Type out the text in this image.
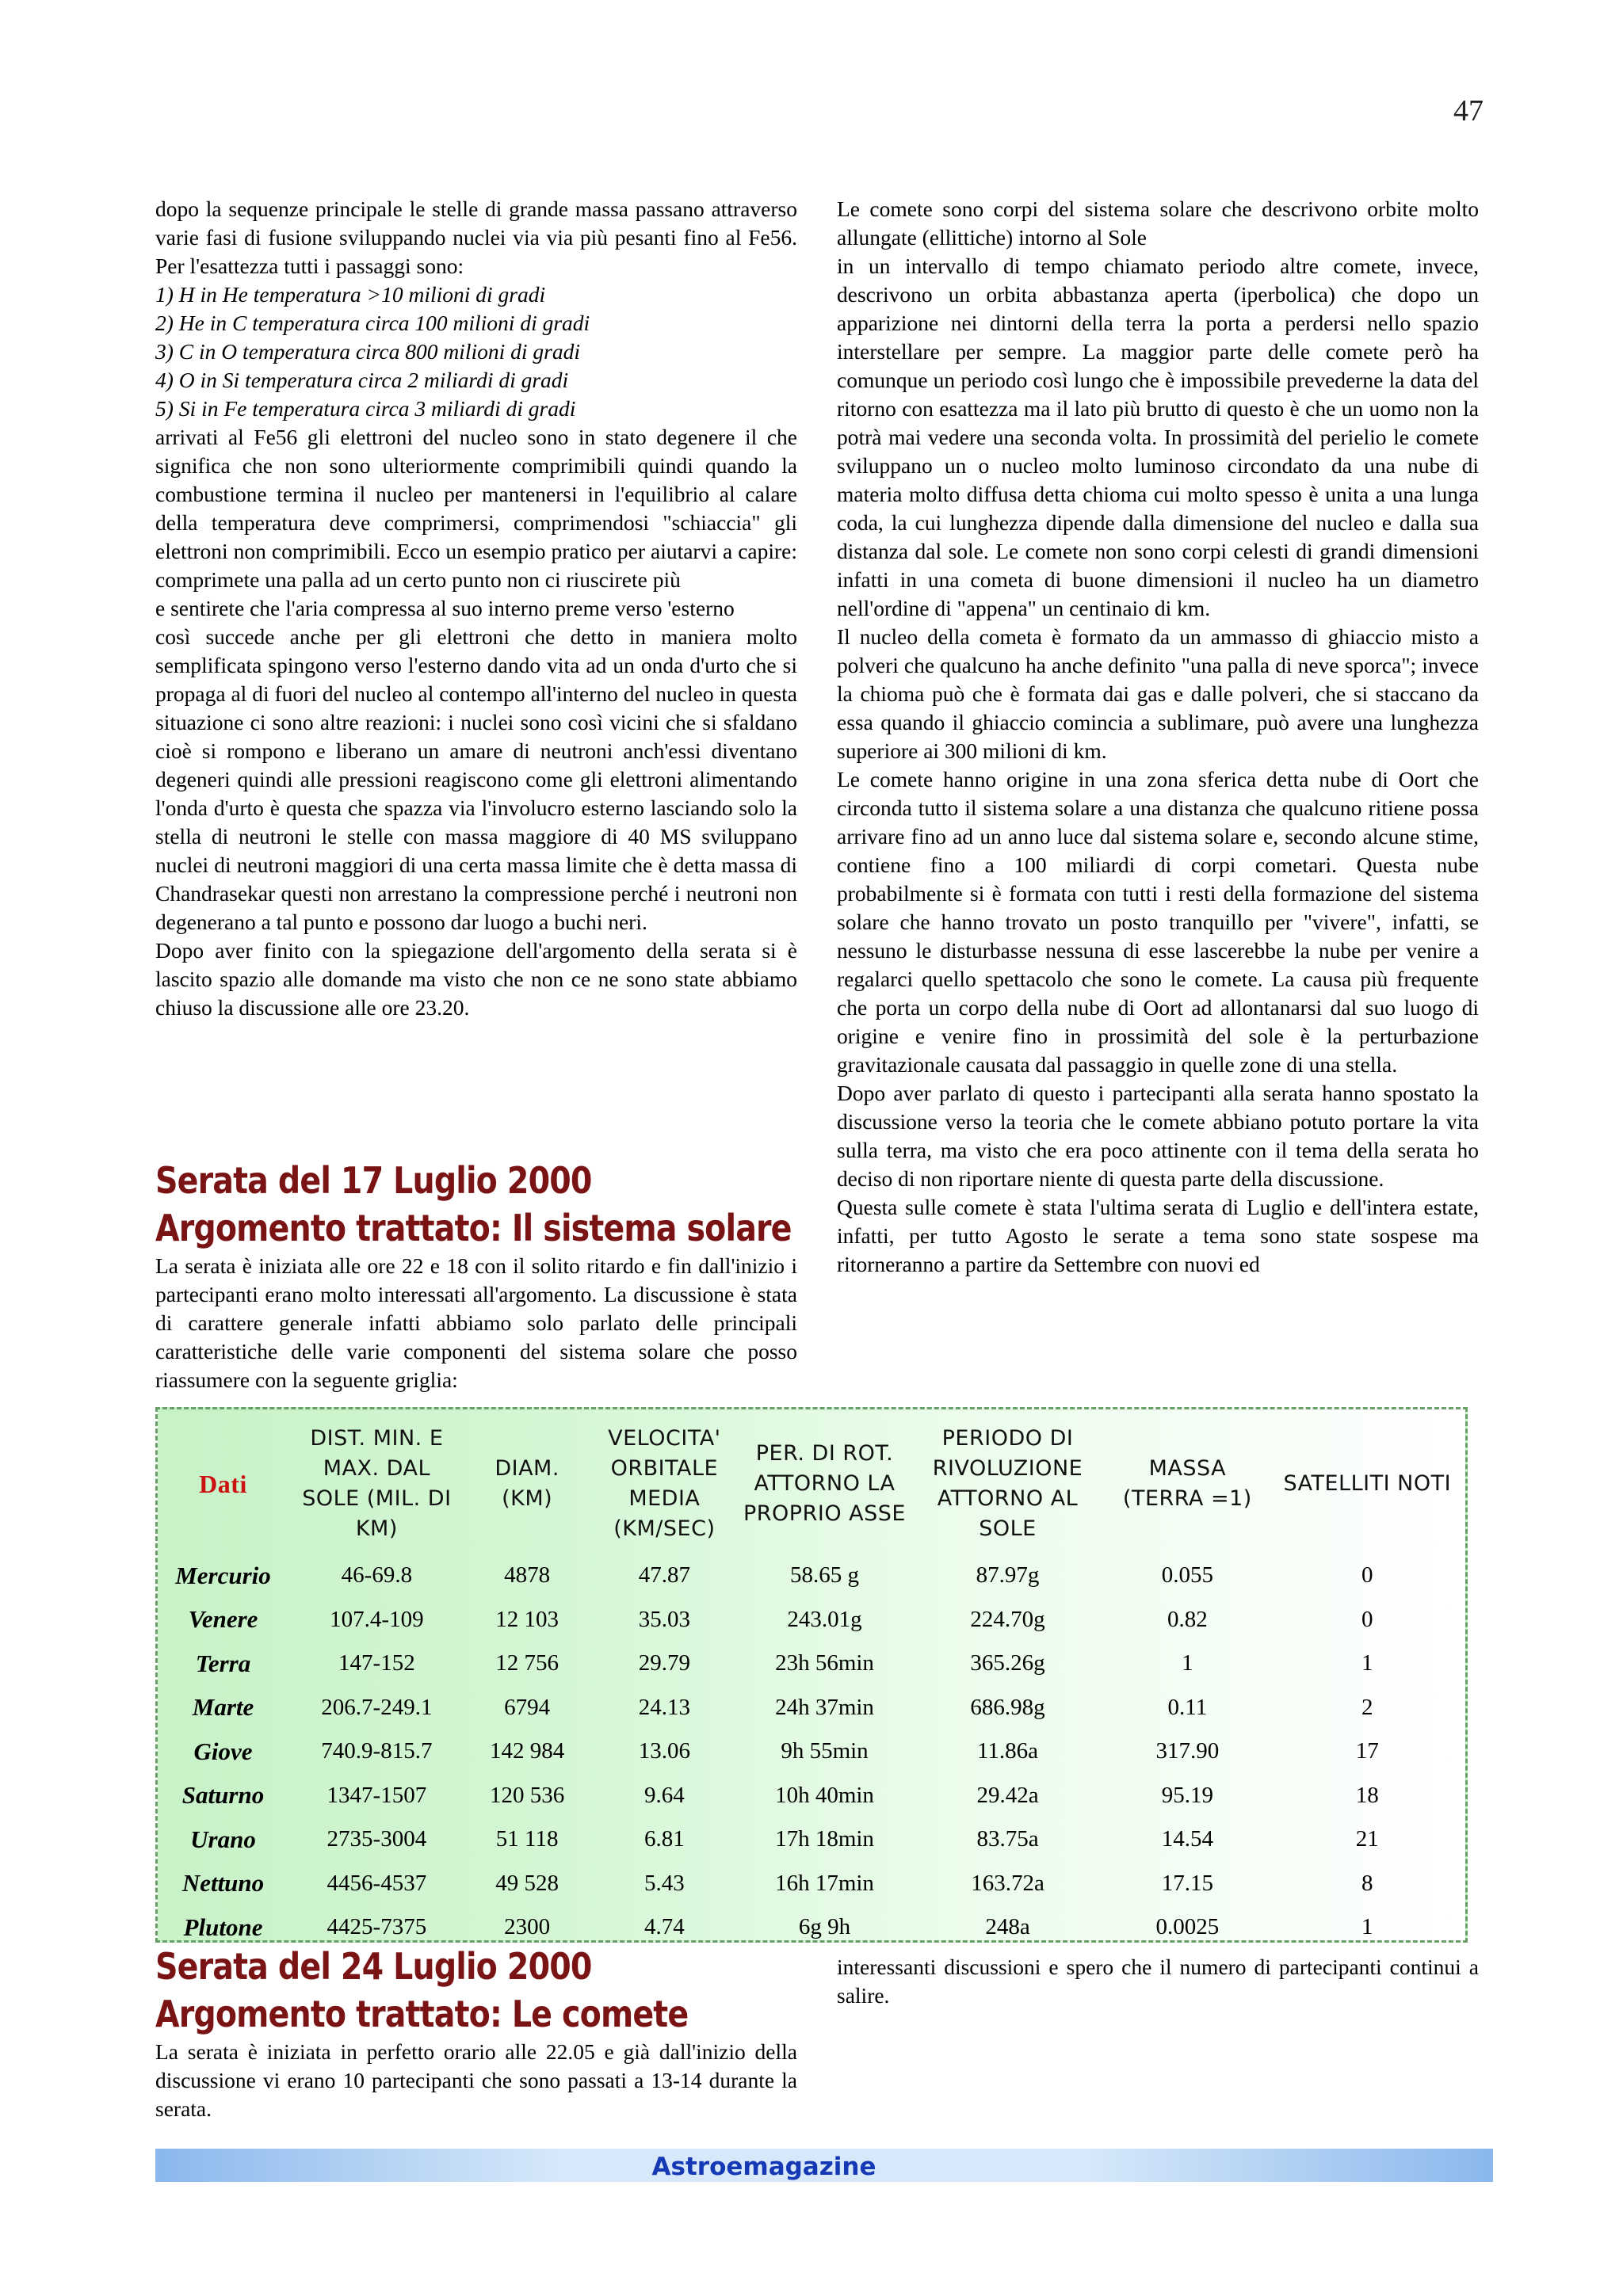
47

dopo la sequenze principale le stelle di grande massa passano attraverso varie fasi di fusione sviluppando nuclei via via più pesanti fino al Fe56. Per l'esattezza tutti i passaggi sono:

1) H in He temperatura >10 milioni di gradi

2) He in C temperatura circa 100 milioni di gradi

3) C in O temperatura circa 800 milioni di gradi

4) O in Si temperatura circa 2 miliardi di gradi

5) Si in Fe temperatura circa 3 miliardi di gradi

arrivati al Fe56 gli elettroni del nucleo sono in stato degenere il che significa che non sono ulteriormente comprimibili quindi quando la combustione termina il nucleo per mantenersi in l'equilibrio al calare della temperatura deve comprimersi, comprimendosi "schiaccia" gli elettroni non comprimibili. Ecco un esempio pratico per aiutarvi a capire: comprimete una palla ad un certo punto non ci riuscirete più

e sentirete che l'aria compressa al suo interno preme verso 'esterno

così succede anche per gli elettroni che detto in maniera molto semplificata spingono verso l'esterno dando vita ad un onda d'urto che si propaga al di fuori del nucleo al contempo all'interno del nucleo in questa situazione ci sono altre reazioni: i nuclei sono così vicini che si sfaldano cioè si rompono e liberano un amare di neutroni anch'essi diventano degeneri quindi alle pressioni reagiscono come gli elettroni alimentando l'onda d'urto è questa che spazza via l'involucro esterno lasciando solo la stella di neutroni le stelle con massa maggiore di 40 MS sviluppano nuclei di neutroni maggiori di una certa massa limite che è detta massa di Chandrasekar questi non arrestano la compressione perché i neutroni non degenerano a tal punto e possono dar luogo a buchi neri.

Dopo aver finito con la spiegazione dell'argomento della serata si è lascito spazio alle domande ma visto che non ce ne sono state abbiamo chiuso la discussione alle ore 23.20.

Serata del 17 Luglio 2000
Argomento trattato: Il sistema solare

La serata è iniziata alle ore 22 e 18 con il solito ritardo e fin dall'inizio i partecipanti erano molto interessati all'argomento. La discussione è stata di carattere generale infatti abbiamo solo parlato delle principali caratteristiche delle varie componenti del sistema solare che posso riassumere con la seguente griglia:

Le comete sono corpi del sistema solare che descrivono orbite molto allungate (ellittiche) intorno al Sole

in un intervallo di tempo chiamato periodo altre comete, invece, descrivono un orbita abbastanza aperta (iperbolica) che dopo un apparizione nei dintorni della terra la porta a perdersi nello spazio interstellare per sempre. La maggior parte delle comete però ha comunque un periodo così lungo che è impossibile prevederne la data del ritorno con esattezza ma il lato più brutto di questo è che un uomo non la potrà mai vedere una seconda volta. In prossimità del perielio le comete sviluppano un o nucleo molto luminoso circondato da una nube di materia molto diffusa detta chioma cui molto spesso è unita a una lunga coda, la cui lunghezza dipende dalla dimensione del nucleo e dalla sua distanza dal sole. Le comete non sono corpi celesti di grandi dimensioni infatti in una cometa di buone dimensioni il nucleo ha un diametro nell'ordine di "appena" un centinaio di km.

Il nucleo della cometa è formato da un ammasso di ghiaccio misto a polveri che qualcuno ha anche definito "una palla di neve sporca"; invece la chioma può che è formata dai gas e dalle polveri, che si staccano da essa quando il ghiaccio comincia a sublimare, può avere una lunghezza superiore ai 300 milioni di km.

Le comete hanno origine in una zona sferica detta nube di Oort che circonda tutto il sistema solare a una distanza che qualcuno ritiene possa arrivare fino ad un anno luce dal sistema solare e, secondo alcune stime, contiene fino a 100 miliardi di corpi cometari. Questa nube probabilmente si è formata con tutti i resti della formazione del sistema solare che hanno trovato un posto tranquillo per "vivere", infatti, se nessuno le disturbasse nessuna di esse lascerebbe la nube per venire a regalarci quello spettacolo che sono le comete. La causa più frequente che porta un corpo della nube di Oort ad allontanarsi dal suo luogo di origine e venire fino in prossimità del sole è la perturbazione gravitazionale causata dal passaggio in quelle zone di una stella.

Dopo aver parlato di questo i partecipanti alla serata hanno spostato la discussione verso la teoria che le comete abbiano potuto portare la vita sulla terra, ma visto che era poco attinente con il tema della serata ho deciso di non riportare niente di questa parte della discussione.

Questa sulle comete è stata l'ultima serata di Luglio e dell'intera estate, infatti, per tutto Agosto le serate a tema sono state sospese ma ritorneranno a partire da Settembre con nuovi ed

Dati	DIST. MIN. E MAX. DAL SOLE (MIL. DI KM)	DIAM. (KM)	VELOCITA' ORBITALE MEDIA (KM/SEC)	PER. DI ROT. ATTORNO LA PROPRIO ASSE	PERIODO DI RIVOLUZIONE ATTORNO AL SOLE	MASSA (TERRA =1)	SATELLITI NOTI
Mercurio	46-69.8	4878	47.87	58.65 g	87.97g	0.055	0
Venere	107.4-109	12 103	35.03	243.01g	224.70g	0.82	0
Terra	147-152	12 756	29.79	23h 56min	365.26g	1	1
Marte	206.7-249.1	6794	24.13	24h 37min	686.98g	0.11	2
Giove	740.9-815.7	142 984	13.06	9h 55min	11.86a	317.90	17
Saturno	1347-1507	120 536	9.64	10h 40min	29.42a	95.19	18
Urano	2735-3004	51 118	6.81	17h 18min	83.75a	14.54	21
Nettuno	4456-4537	49 528	5.43	16h 17min	163.72a	17.15	8
Plutone	4425-7375	2300	4.74	6g 9h	248a	0.0025	1
Serata del 24 Luglio 2000
Argomento trattato: Le comete

La serata è iniziata in perfetto orario alle 22.05 e già dall'inizio della discussione vi erano 10 partecipanti che sono passati a 13-14 durante la serata.

interessanti discussioni e spero che il numero di partecipanti continui a salire.

Astroemagazine
